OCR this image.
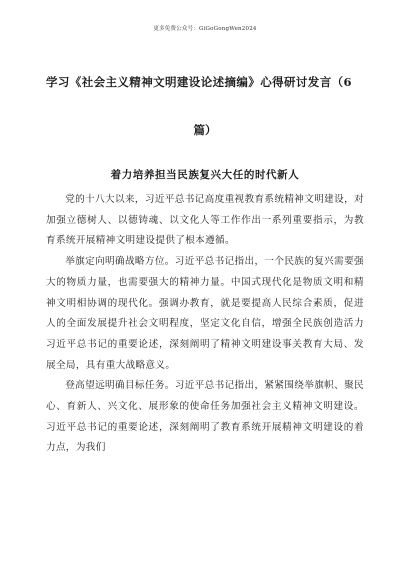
更多免费公众号：GiGoGongWen2024
学习《社会主义精神文明建设论述摘编》心得研讨发言（6
篇）
着力培养担当民族复兴大任的时代新人

党的十八大以来，习近平总书记高度重视教育系统精神文明建设，对加强立德树人、以德铸魂、以文化人等工作作出一系列重要指示，为教育系统开展精神文明建设提供了根本遵循。

举旗定向明确战略方位。习近平总书记指出，一个民族的复兴需要强大的物质力量，也需要强大的精神力量。中国式现代化是物质文明和精神文明相协调的现代化。强调办教育，就是要提高人民综合素质，促进人的全面发展提升社会文明程度，坚定文化自信，增强全民族创造活力习近平总书记的重要论述，深刻阐明了精神文明建设事关教育大局、发展全局，具有重大战略意义。

登高望远明确目标任务。习近平总书记指出，紧紧围绕举旗帜、聚民心、育新人、兴文化、展形象的使命任务加强社会主义精神文明建设。习近平总书记的重要论述，深刻阐明了教育系统开展精神文明建设的着力点，为我们
